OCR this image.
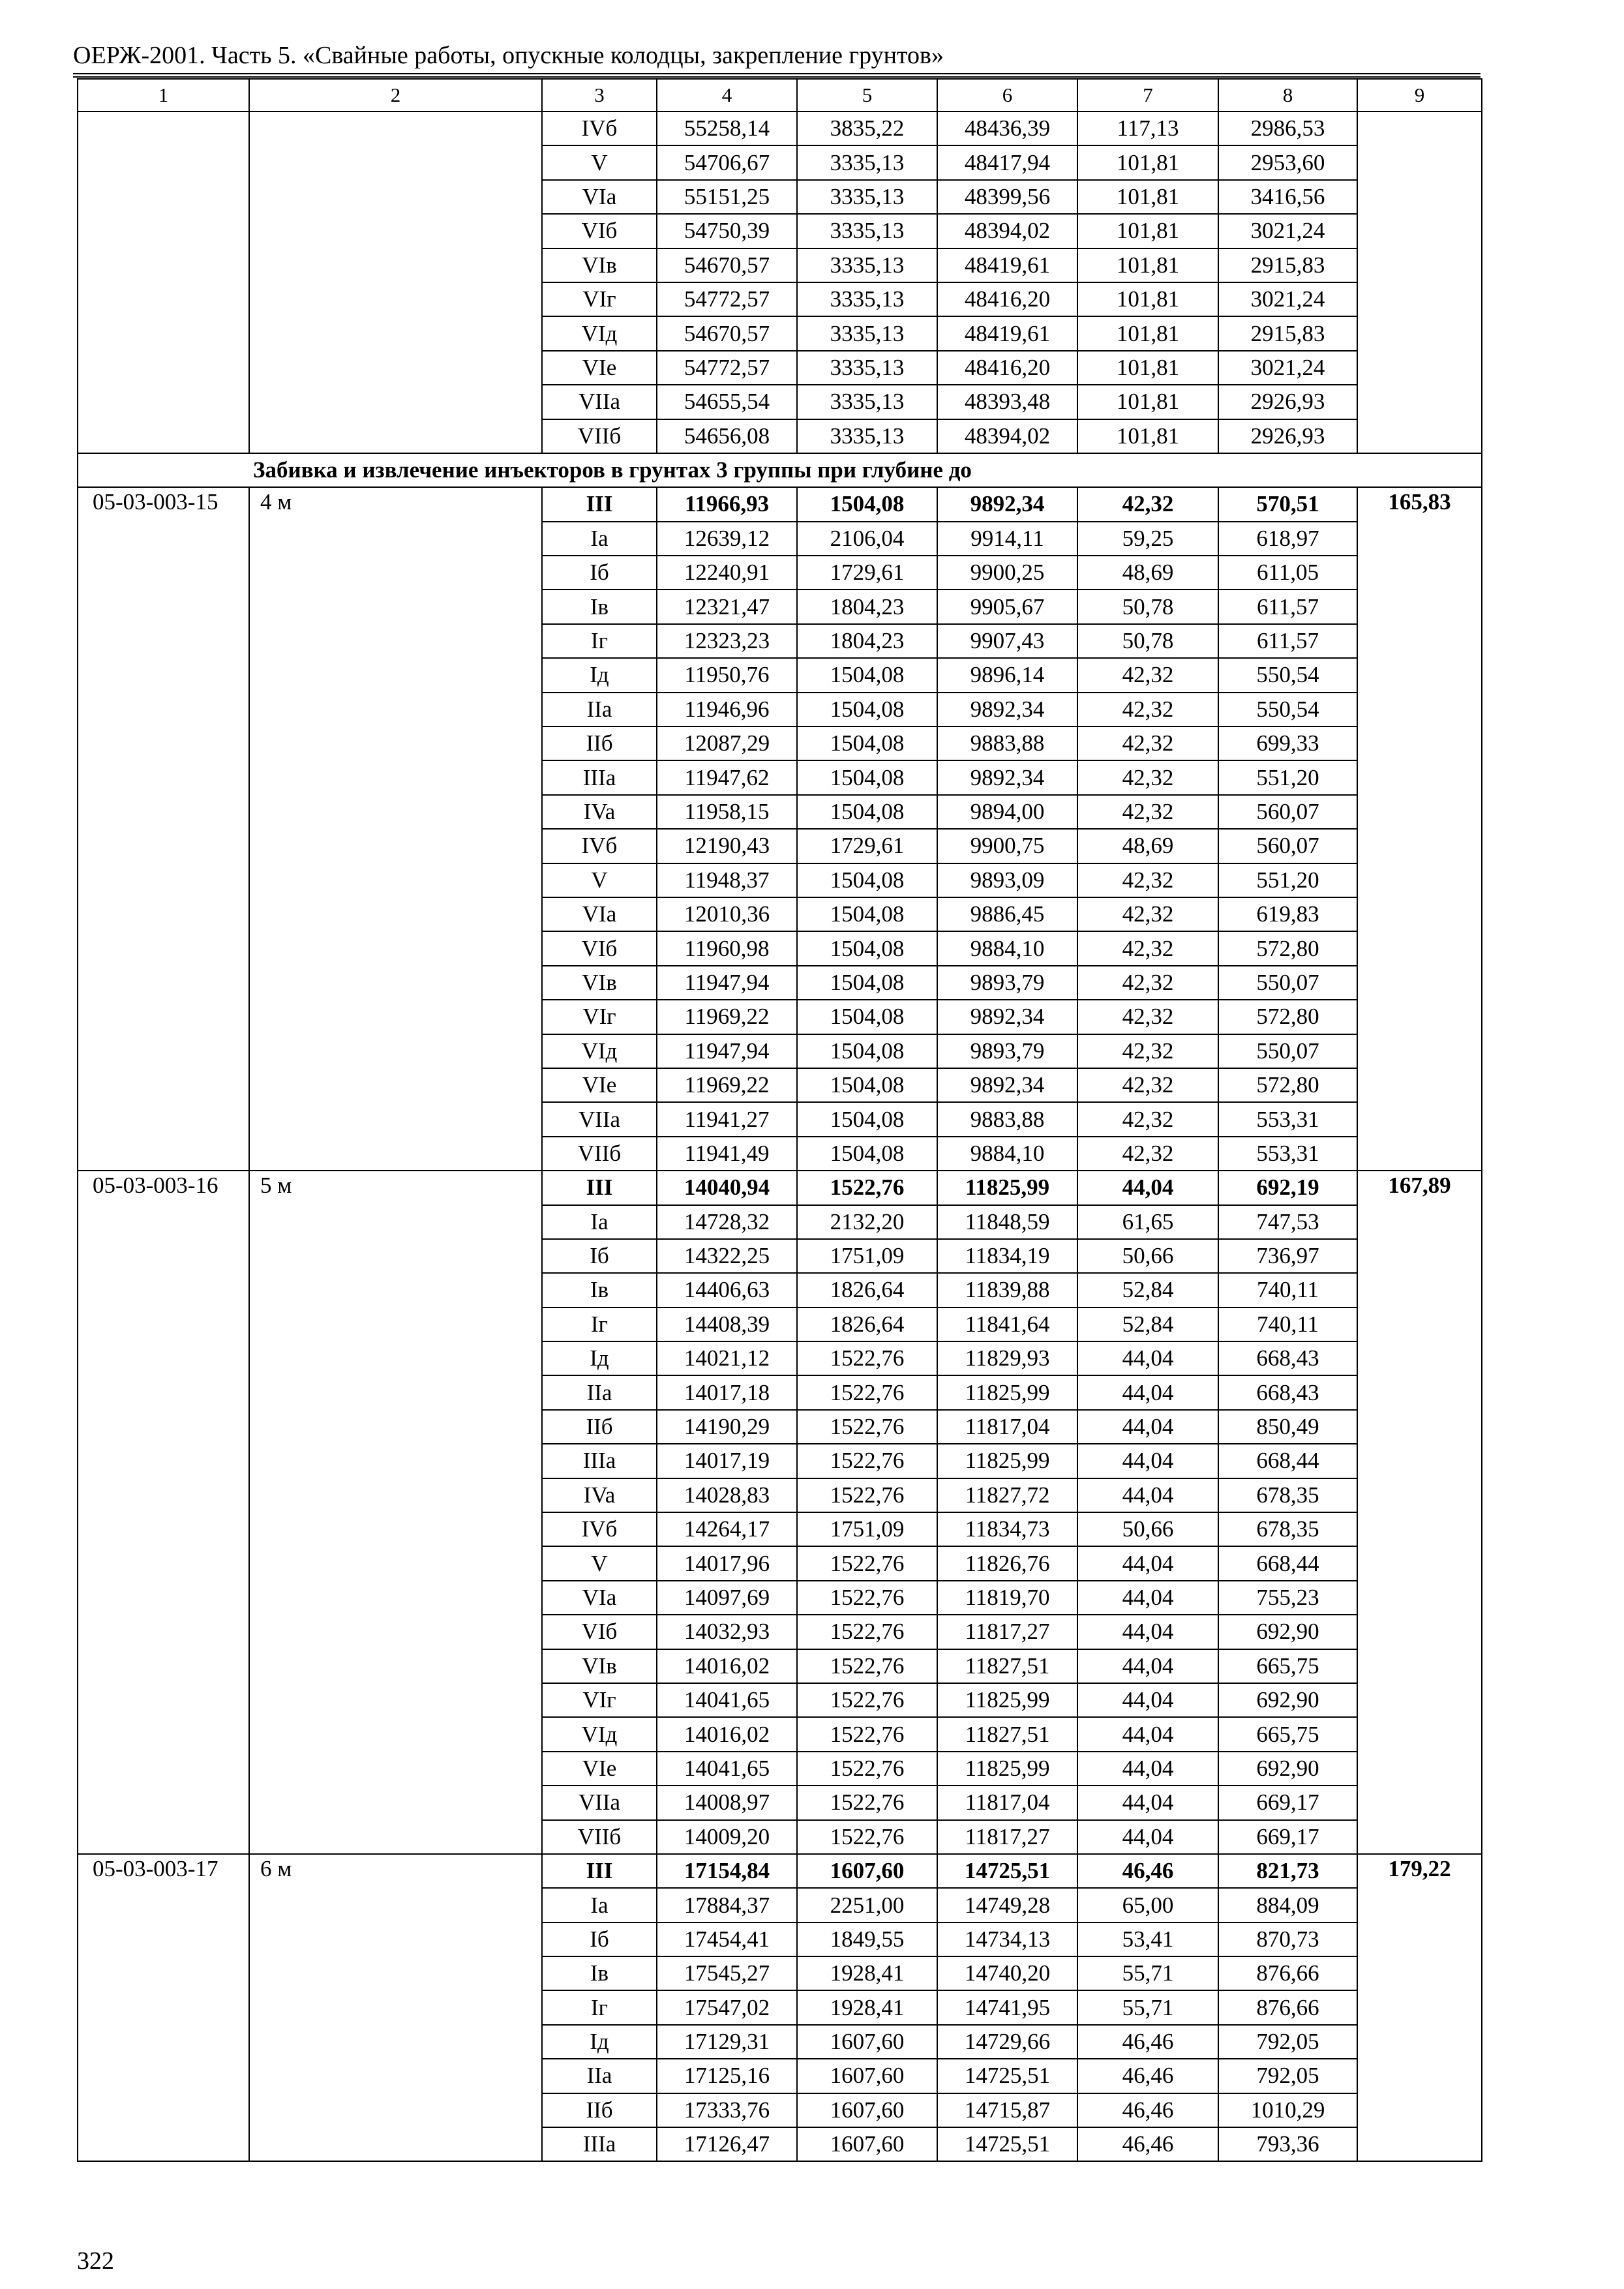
ОЕРЖ-2001. Часть 5. «Свайные работы, опускные колодцы, закрепление грунтов»
1	2	3	4	5	6	7	8	9
		IVб	55258,14	3835,22	48436,39	117,13	2986,53	
		V	54706,67	3335,13	48417,94	101,81	2953,60	
		VIa	55151,25	3335,13	48399,56	101,81	3416,56	
		VIб	54750,39	3335,13	48394,02	101,81	3021,24	
		VIв	54670,57	3335,13	48419,61	101,81	2915,83	
		VIг	54772,57	3335,13	48416,20	101,81	3021,24	
		VIд	54670,57	3335,13	48419,61	101,81	2915,83	
		VIe	54772,57	3335,13	48416,20	101,81	3021,24	
		VIIa	54655,54	3335,13	48393,48	101,81	2926,93	
		VIIб	54656,08	3335,13	48394,02	101,81	2926,93	
Забивка и извлечение инъекторов в грунтах 3 группы при глубине до								
05-03-003-15	4 м	III	11966,93	1504,08	9892,34	42,32	570,51	165,83
		Ia	12639,12	2106,04	9914,11	59,25	618,97	
		Iб	12240,91	1729,61	9900,25	48,69	611,05	
		Iв	12321,47	1804,23	9905,67	50,78	611,57	
		Iг	12323,23	1804,23	9907,43	50,78	611,57	
		Iд	11950,76	1504,08	9896,14	42,32	550,54	
		IIa	11946,96	1504,08	9892,34	42,32	550,54	
		IIб	12087,29	1504,08	9883,88	42,32	699,33	
		IIIa	11947,62	1504,08	9892,34	42,32	551,20	
		IVa	11958,15	1504,08	9894,00	42,32	560,07	
		IVб	12190,43	1729,61	9900,75	48,69	560,07	
		V	11948,37	1504,08	9893,09	42,32	551,20	
		VIa	12010,36	1504,08	9886,45	42,32	619,83	
		VIб	11960,98	1504,08	9884,10	42,32	572,80	
		VIв	11947,94	1504,08	9893,79	42,32	550,07	
		VIг	11969,22	1504,08	9892,34	42,32	572,80	
		VIд	11947,94	1504,08	9893,79	42,32	550,07	
		VIe	11969,22	1504,08	9892,34	42,32	572,80	
		VIIa	11941,27	1504,08	9883,88	42,32	553,31	
		VIIб	11941,49	1504,08	9884,10	42,32	553,31	
05-03-003-16	5 м	III	14040,94	1522,76	11825,99	44,04	692,19	167,89
		Ia	14728,32	2132,20	11848,59	61,65	747,53	
		Iб	14322,25	1751,09	11834,19	50,66	736,97	
		Iв	14406,63	1826,64	11839,88	52,84	740,11	
		Iг	14408,39	1826,64	11841,64	52,84	740,11	
		Iд	14021,12	1522,76	11829,93	44,04	668,43	
		IIa	14017,18	1522,76	11825,99	44,04	668,43	
		IIб	14190,29	1522,76	11817,04	44,04	850,49	
		IIIa	14017,19	1522,76	11825,99	44,04	668,44	
		IVa	14028,83	1522,76	11827,72	44,04	678,35	
		IVб	14264,17	1751,09	11834,73	50,66	678,35	
		V	14017,96	1522,76	11826,76	44,04	668,44	
		VIa	14097,69	1522,76	11819,70	44,04	755,23	
		VIб	14032,93	1522,76	11817,27	44,04	692,90	
		VIв	14016,02	1522,76	11827,51	44,04	665,75	
		VIг	14041,65	1522,76	11825,99	44,04	692,90	
		VIд	14016,02	1522,76	11827,51	44,04	665,75	
		VIe	14041,65	1522,76	11825,99	44,04	692,90	
		VIIa	14008,97	1522,76	11817,04	44,04	669,17	
		VIIб	14009,20	1522,76	11817,27	44,04	669,17	
05-03-003-17	6 м	III	17154,84	1607,60	14725,51	46,46	821,73	179,22
		Ia	17884,37	2251,00	14749,28	65,00	884,09	
		Iб	17454,41	1849,55	14734,13	53,41	870,73	
		Iв	17545,27	1928,41	14740,20	55,71	876,66	
		Iг	17547,02	1928,41	14741,95	55,71	876,66	
		Iд	17129,31	1607,60	14729,66	46,46	792,05	
		IIa	17125,16	1607,60	14725,51	46,46	792,05	
		IIб	17333,76	1607,60	14715,87	46,46	1010,29	
		IIIa	17126,47	1607,60	14725,51	46,46	793,36	
322
